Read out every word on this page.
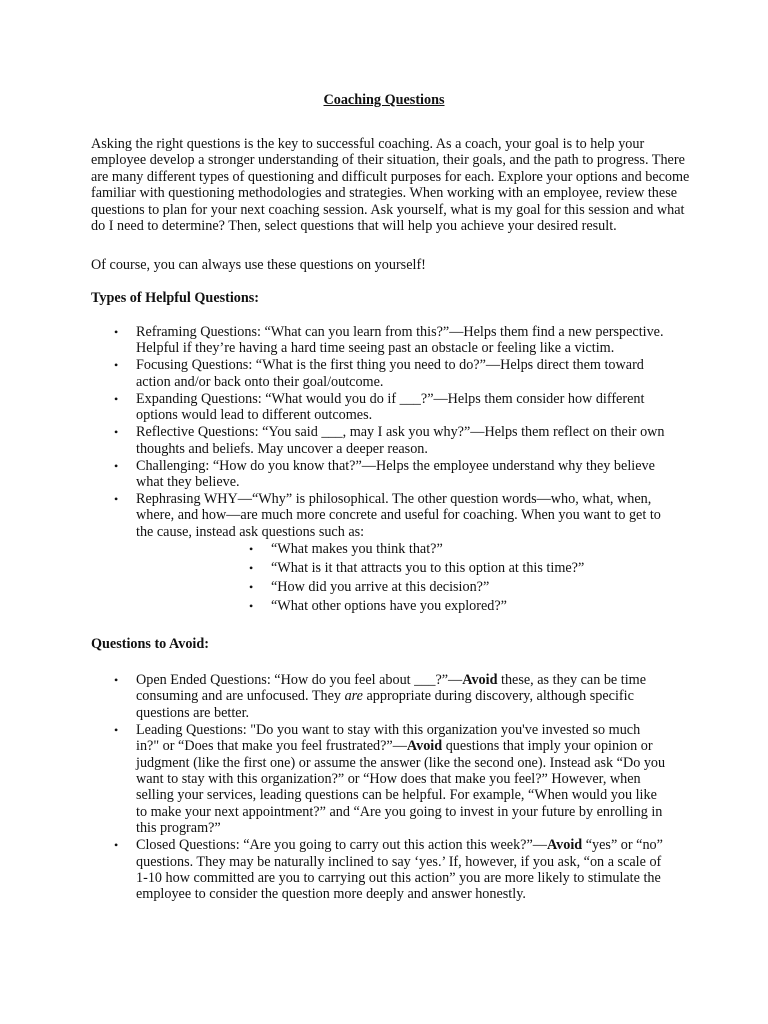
Coaching Questions

Asking the right questions is the key to successful coaching. As a coach, your goal is to help your employee develop a stronger understanding of their situation, their goals, and the path to progress. There are many different types of questioning and difficult purposes for each. Explore your options and become familiar with questioning methodologies and strategies. When working with an employee, review these questions to plan for your next coaching session. Ask yourself, what is my goal for this session and what do I need to determine? Then, select questions that will help you achieve your desired result.

Of course, you can always use these questions on yourself!

Types of Helpful Questions:
• Reframing Questions: “What can you learn from this?”—Helps them find a new perspective. Helpful if they’re having a hard time seeing past an obstacle or feeling like a victim.
• Focusing Questions: “What is the first thing you need to do?”—Helps direct them toward action and/or back onto their goal/outcome.
• Expanding Questions: “What would you do if ___?”—Helps them consider how different options would lead to different outcomes.
• Reflective Questions: “You said ___, may I ask you why?”—Helps them reflect on their own thoughts and beliefs. May uncover a deeper reason.
• Challenging: “How do you know that?”—Helps the employee understand why they believe what they believe.
• Rephrasing WHY—“Why” is philosophical. The other question words—who, what, when, where, and how—are much more concrete and useful for coaching. When you want to get to the cause, instead ask questions such as:
• “What makes you think that?”
• “What is it that attracts you to this option at this time?”
• “How did you arrive at this decision?”
• “What other options have you explored?”
Questions to Avoid:
• Open Ended Questions: “How do you feel about ___?”—Avoid these, as they can be time consuming and are unfocused. They are appropriate during discovery, although specific questions are better.
• Leading Questions: "Do you want to stay with this organization you've invested so much in?" or “Does that make you feel frustrated?”—Avoid questions that imply your opinion or judgment (like the first one) or assume the answer (like the second one). Instead ask “Do you want to stay with this organization?” or “How does that make you feel?” However, when selling your services, leading questions can be helpful. For example, “When would you like to make your next appointment?” and “Are you going to invest in your future by enrolling in this program?”
• Closed Questions: “Are you going to carry out this action this week?”—Avoid “yes” or “no” questions. They may be naturally inclined to say ‘yes.’ If, however, if you ask, “on a scale of 1-10 how committed are you to carrying out this action” you are more likely to stimulate the employee to consider the question more deeply and answer honestly.
